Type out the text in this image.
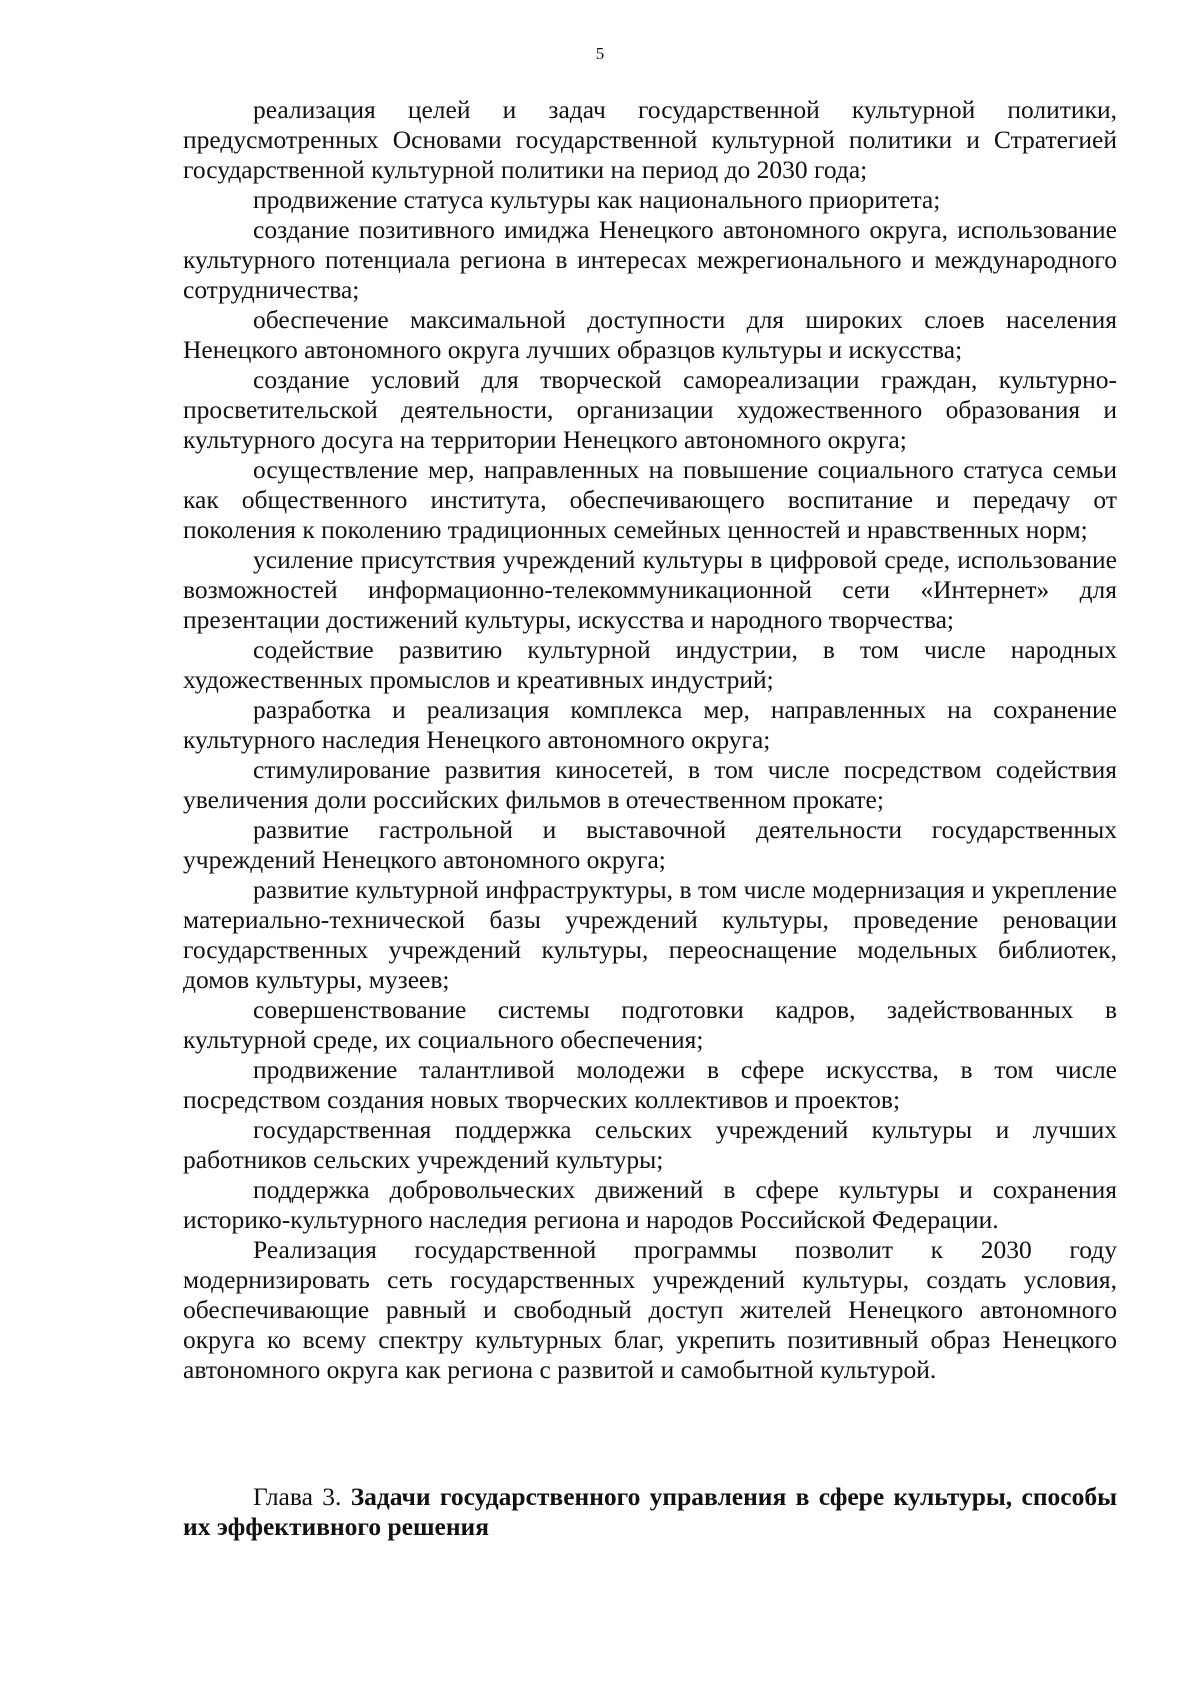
5

реализация целей и задач государственной культурной политики, предусмотренных Основами государственной культурной политики и Стратегией государственной культурной политики на период до 2030 года;

продвижение статуса культуры как национального приоритета;

создание позитивного имиджа Ненецкого автономного округа, использование культурного потенциала региона в интересах межрегионального и международного сотрудничества;

обеспечение максимальной доступности для широких слоев населения Ненецкого автономного округа лучших образцов культуры и искусства;

создание условий для творческой самореализации граждан, культурно-просветительской деятельности, организации художественного образования и культурного досуга на территории Ненецкого автономного округа;

осуществление мер, направленных на повышение социального статуса семьи как общественного института, обеспечивающего воспитание и передачу от поколения к поколению традиционных семейных ценностей и нравственных норм;

усиление присутствия учреждений культуры в цифровой среде, использование возможностей информационно-телекоммуникационной сети «Интернет» для презентации достижений культуры, искусства и народного творчества;

содействие развитию культурной индустрии, в том числе народных художественных промыслов и креативных индустрий;

разработка и реализация комплекса мер, направленных на сохранение культурного наследия Ненецкого автономного округа;

стимулирование развития киносетей, в том числе посредством содействия увеличения доли российских фильмов в отечественном прокате;

развитие гастрольной и выставочной деятельности государственных учреждений Ненецкого автономного округа;

развитие культурной инфраструктуры, в том числе модернизация и укрепление материально-технической базы учреждений культуры, проведение реновации государственных учреждений культуры, переоснащение модельных библиотек, домов культуры, музеев;

совершенствование системы подготовки кадров, задействованных в культурной среде, их социального обеспечения;

продвижение талантливой молодежи в сфере искусства, в том числе посредством создания новых творческих коллективов и проектов;

государственная поддержка сельских учреждений культуры и лучших работников сельских учреждений культуры;

поддержка добровольческих движений в сфере культуры и сохранения историко-культурного наследия региона и народов Российской Федерации.

Реализация государственной программы позволит к 2030 году модернизировать сеть государственных учреждений культуры, создать условия, обеспечивающие равный и свободный доступ жителей Ненецкого автономного округа ко всему спектру культурных благ, укрепить позитивный образ Ненецкого автономного округа как региона с развитой и самобытной культурой.

Глава 3. Задачи государственного управления в сфере культуры, способы их эффективного решения
